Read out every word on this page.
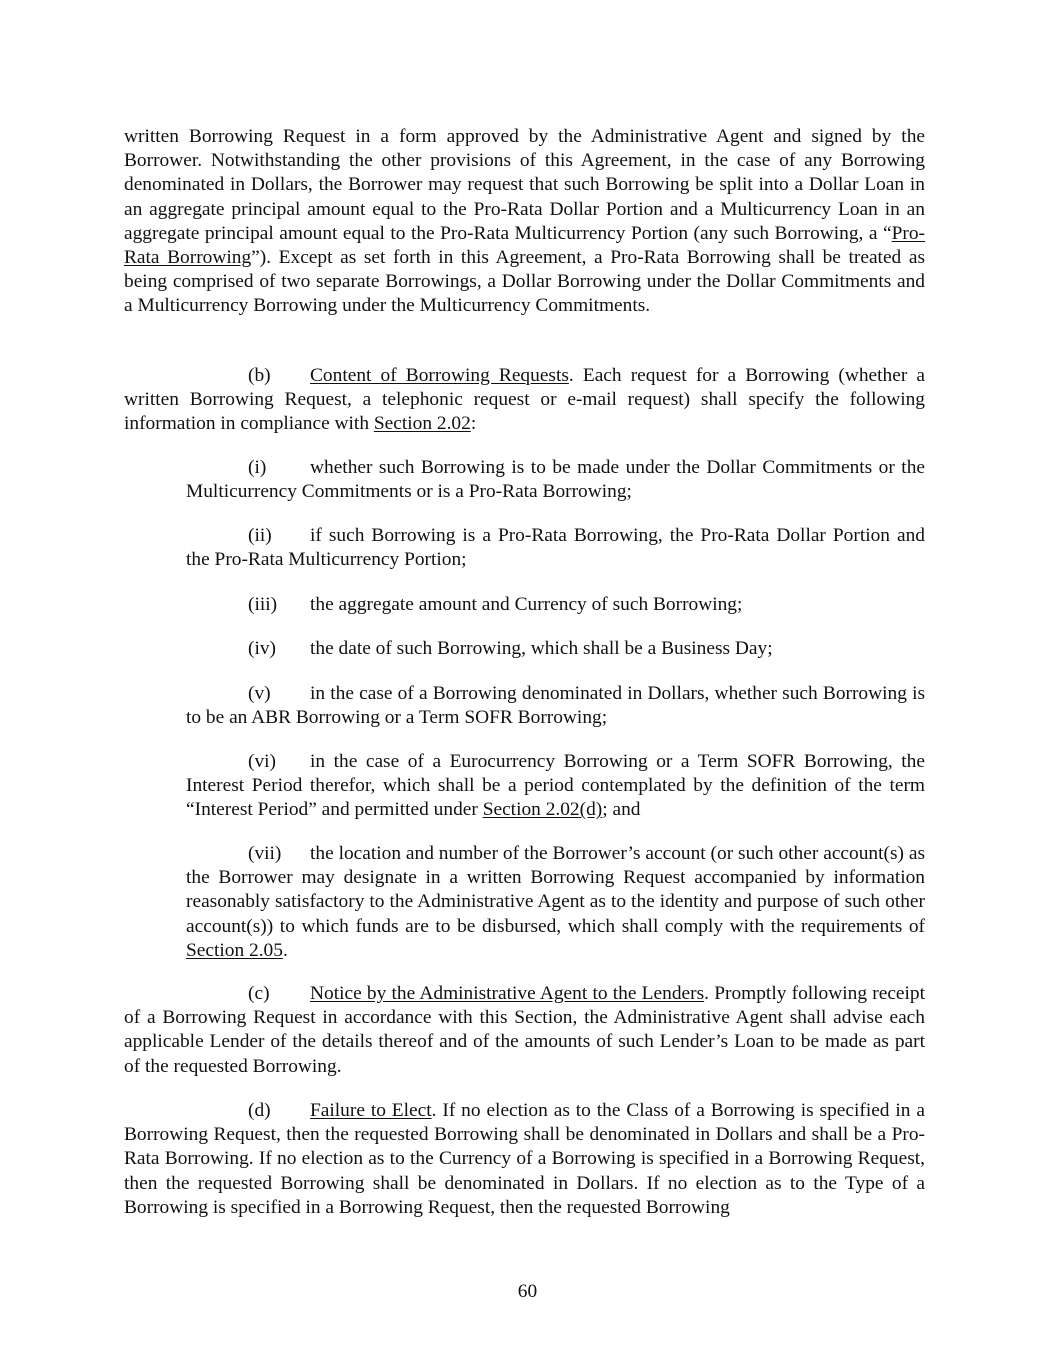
written Borrowing Request in a form approved by the Administrative Agent and signed by the Borrower. Notwithstanding the other provisions of this Agreement, in the case of any Borrowing denominated in Dollars, the Borrower may request that such Borrowing be split into a Dollar Loan in an aggregate principal amount equal to the Pro-Rata Dollar Portion and a Multicurrency Loan in an aggregate principal amount equal to the Pro-Rata Multicurrency Portion (any such Borrowing, a “Pro-Rata Borrowing”). Except as set forth in this Agreement, a Pro-Rata Borrowing shall be treated as being comprised of two separate Borrowings, a Dollar Borrowing under the Dollar Commitments and a Multicurrency Borrowing under the Multicurrency Commitments.

(b) Content of Borrowing Requests. Each request for a Borrowing (whether a written Borrowing Request, a telephonic request or e-mail request) shall specify the following information in compliance with Section 2.02:

(i) whether such Borrowing is to be made under the Dollar Commitments or the Multicurrency Commitments or is a Pro-Rata Borrowing;

(ii) if such Borrowing is a Pro-Rata Borrowing, the Pro-Rata Dollar Portion and the Pro-Rata Multicurrency Portion;

(iii) the aggregate amount and Currency of such Borrowing;

(iv) the date of such Borrowing, which shall be a Business Day;

(v) in the case of a Borrowing denominated in Dollars, whether such Borrowing is to be an ABR Borrowing or a Term SOFR Borrowing;

(vi) in the case of a Eurocurrency Borrowing or a Term SOFR Borrowing, the Interest Period therefor, which shall be a period contemplated by the definition of the term “Interest Period” and permitted under Section 2.02(d); and

(vii) the location and number of the Borrower’s account (or such other account(s) as the Borrower may designate in a written Borrowing Request accompanied by information reasonably satisfactory to the Administrative Agent as to the identity and purpose of such other account(s)) to which funds are to be disbursed, which shall comply with the requirements of Section 2.05.

(c) Notice by the Administrative Agent to the Lenders. Promptly following receipt of a Borrowing Request in accordance with this Section, the Administrative Agent shall advise each applicable Lender of the details thereof and of the amounts of such Lender’s Loan to be made as part of the requested Borrowing.

(d) Failure to Elect. If no election as to the Class of a Borrowing is specified in a Borrowing Request, then the requested Borrowing shall be denominated in Dollars and shall be a Pro-Rata Borrowing. If no election as to the Currency of a Borrowing is specified in a Borrowing Request, then the requested Borrowing shall be denominated in Dollars. If no election as to the Type of a Borrowing is specified in a Borrowing Request, then the requested Borrowing

60
